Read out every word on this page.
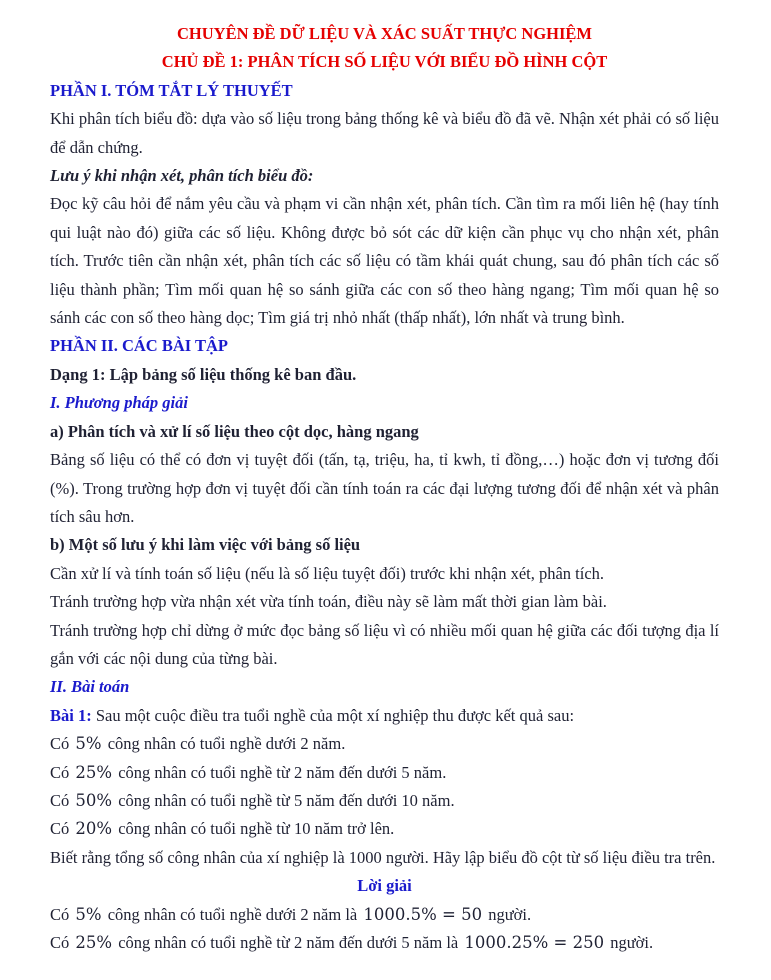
CHUYÊN ĐỀ DỮ LIỆU VÀ XÁC SUẤT THỰC NGHIỆM

CHỦ ĐỀ 1: PHÂN TÍCH SỐ LIỆU VỚI BIỂU ĐỒ HÌNH CỘT

PHẦN I. TÓM TẮT LÝ THUYẾT

Khi phân tích biểu đồ: dựa vào số liệu trong bảng thống kê và biểu đồ đã vẽ. Nhận xét phải có số liệu để dẫn chứng.

Lưu ý khi nhận xét, phân tích biểu đồ:

Đọc kỹ câu hỏi để nắm yêu cầu và phạm vi cần nhận xét, phân tích. Cần tìm ra mối liên hệ (hay tính qui luật nào đó) giữa các số liệu. Không được bỏ sót các dữ kiện cần phục vụ cho nhận xét, phân tích. Trước tiên cần nhận xét, phân tích các số liệu có tầm khái quát chung, sau đó phân tích các số liệu thành phần; Tìm mối quan hệ so sánh giữa các con số theo hàng ngang; Tìm mối quan hệ so sánh các con số theo hàng dọc; Tìm giá trị nhỏ nhất (thấp nhất), lớn nhất và trung bình.

PHẦN II. CÁC BÀI TẬP

Dạng 1: Lập bảng số liệu thống kê ban đầu.

I. Phương pháp giải

a) Phân tích và xử lí số liệu theo cột dọc, hàng ngang

Bảng số liệu có thể có đơn vị tuyệt đối (tấn, tạ, triệu, ha, tỉ kwh, tỉ đồng,…) hoặc đơn vị tương đối (%). Trong trường hợp đơn vị tuyệt đối cần tính toán ra các đại lượng tương đối để nhận xét và phân tích sâu hơn.

b) Một số lưu ý khi làm việc với bảng số liệu

Cần xử lí và tính toán số liệu (nếu là số liệu tuyệt đối) trước khi nhận xét, phân tích.

Tránh trường hợp vừa nhận xét vừa tính toán, điều này sẽ làm mất thời gian làm bài.

Tránh trường hợp chỉ dừng ở mức đọc bảng số liệu vì có nhiều mối quan hệ giữa các đối tượng địa lí gắn với các nội dung của từng bài.

II. Bài toán

Bài 1: Sau một cuộc điều tra tuổi nghề của một xí nghiệp thu được kết quả sau:

Có 5% công nhân có tuổi nghề dưới 2 năm.

Có 25% công nhân có tuổi nghề từ 2 năm đến dưới 5 năm.

Có 50% công nhân có tuổi nghề từ 5 năm đến dưới 10 năm.

Có 20% công nhân có tuổi nghề từ 10 năm trở lên.

Biết rằng tổng số công nhân của xí nghiệp là 1000 người. Hãy lập biểu đồ cột từ số liệu điều tra trên.

Lời giải

Có 5% công nhân có tuổi nghề dưới 2 năm là 1000.5% = 50 người.

Có 25% công nhân có tuổi nghề từ 2 năm đến dưới 5 năm là 1000.25% = 250 người.
